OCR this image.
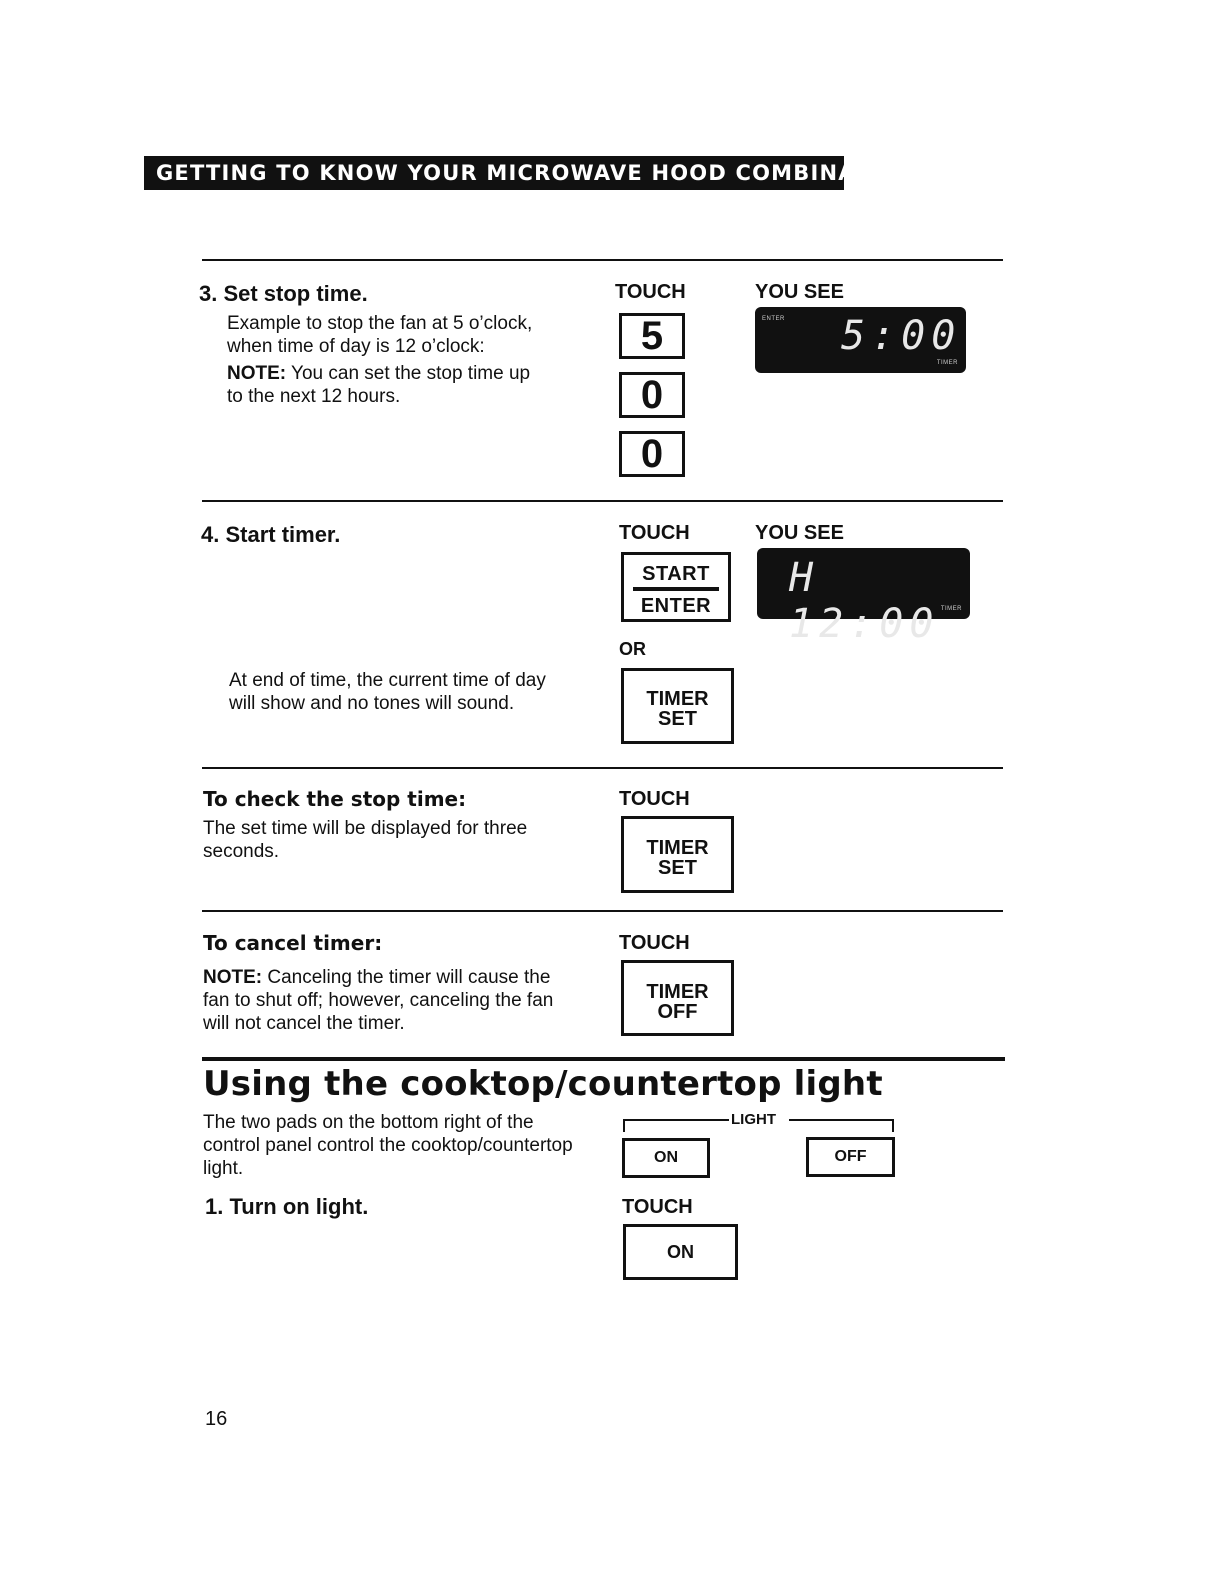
GETTING TO KNOW YOUR MICROWAVE HOOD COMBINATION
3. Set stop time.
Example to stop the fan at 5 o’clock,
when time of day is 12 o’clock:
NOTE: You can set the stop time up
to the next 12 hours.
TOUCH	YOU SEE
5
0
0
ENTER 5:00
TIMER
4. Start timer.	TOUCH	YOU SEE
START
ENTER
H 12:00 TIMER
OR
At end of time, the current time of day
will show and no tones will sound.	TIMER
SET
To check the stop time:
The set time will be displayed for three
seconds.
TOUCH
TIMER
SET
To cancel timer:
NOTE: Canceling the timer will cause the
fan to shut off; however, canceling the fan
will not cancel the timer.
TOUCH
TIMER
OFF
Using the cooktop/countertop light
The two pads on the bottom right of the
control panel control the cooktop/countertop
light.
LIGHT
ON	OFF
1. Turn on light.	TOUCH
ON
16
